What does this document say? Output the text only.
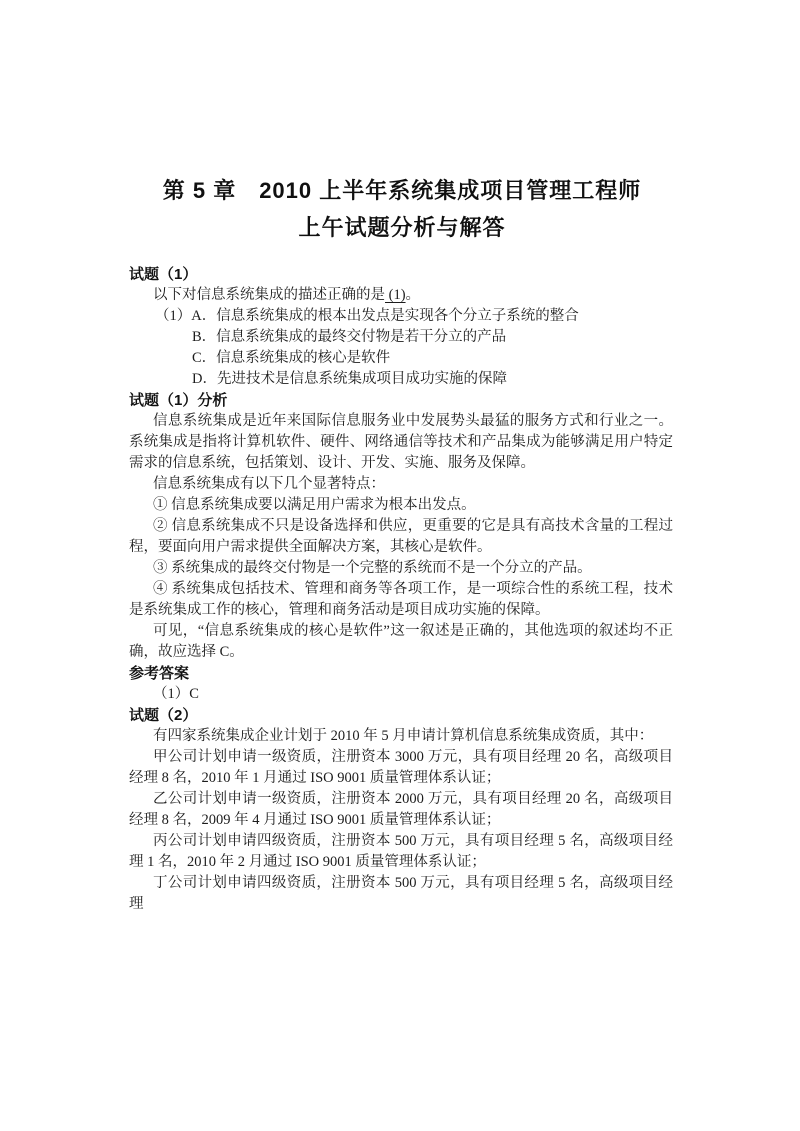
第 5 章　2010 上半年系统集成项目管理工程师
上午试题分析与解答

试题（1）

以下对信息系统集成的描述正确的是 (1)。

（1）A．信息系统集成的根本出发点是实现各个分立子系统的整合

B．信息系统集成的最终交付物是若干分立的产品

C．信息系统集成的核心是软件

D．先进技术是信息系统集成项目成功实施的保障

试题（1）分析

信息系统集成是近年来国际信息服务业中发展势头最猛的服务方式和行业之一。系统集成是指将计算机软件、硬件、网络通信等技术和产品集成为能够满足用户特定需求的信息系统，包括策划、设计、开发、实施、服务及保障。

信息系统集成有以下几个显著特点：

① 信息系统集成要以满足用户需求为根本出发点。

② 信息系统集成不只是设备选择和供应，更重要的它是具有高技术含量的工程过程，要面向用户需求提供全面解决方案，其核心是软件。

③ 系统集成的最终交付物是一个完整的系统而不是一个分立的产品。

④ 系统集成包括技术、管理和商务等各项工作，是一项综合性的系统工程，技术是系统集成工作的核心，管理和商务活动是项目成功实施的保障。

可见，“信息系统集成的核心是软件”这一叙述是正确的，其他选项的叙述均不正确，故应选择 C。

参考答案

（1）C

试题（2）

有四家系统集成企业计划于 2010 年 5 月申请计算机信息系统集成资质，其中：

甲公司计划申请一级资质，注册资本 3000 万元，具有项目经理 20 名，高级项目经理 8 名，2010 年 1 月通过 ISO 9001 质量管理体系认证；

乙公司计划申请一级资质，注册资本 2000 万元，具有项目经理 20 名，高级项目经理 8 名，2009 年 4 月通过 ISO 9001 质量管理体系认证；

丙公司计划申请四级资质，注册资本 500 万元，具有项目经理 5 名，高级项目经理 1 名，2010 年 2 月通过 ISO 9001 质量管理体系认证；

丁公司计划申请四级资质，注册资本 500 万元，具有项目经理 5 名，高级项目经理
